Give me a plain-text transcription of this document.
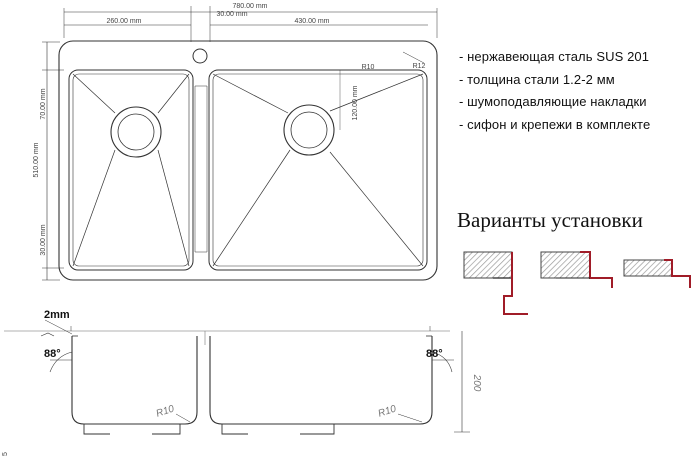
780.00 mm
260.00 mm
30.00 mm
430.00 mm
510.00 mm
70.00 mm
30.00 mm
120.00 mm
R10	R12
2mm
88°	88°
200
R10	R10
5

- нержавеющая сталь SUS 201

- толщина стали 1.2-2 мм

- шумоподавляющие накладки

- сифон и крепежи в комплекте

Варианты установки
